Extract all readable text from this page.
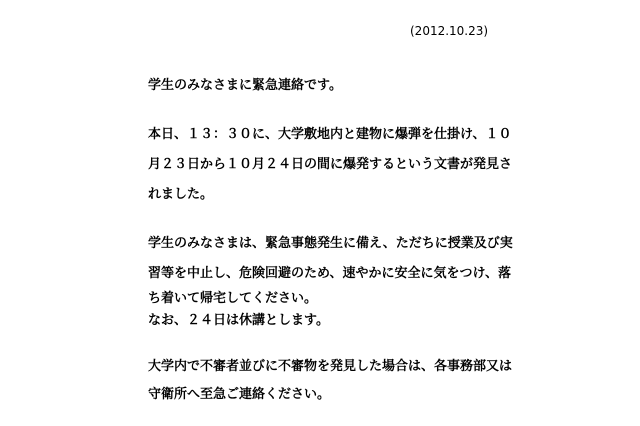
(2012.10.23)
学生のみなさまに緊急連絡です。
本日、１３：３０に、大学敷地内と建物に爆弾を仕掛け、１０
月２３日から１０月２４日の間に爆発するという文書が発見さ
れました。
学生のみなさまは、緊急事態発生に備え、ただちに授業及び実
習等を中止し、危険回避のため、速やかに安全に気をつけ、落
ち着いて帰宅してください。
なお、２４日は休講とします。
大学内で不審者並びに不審物を発見した場合は、各事務部又は
守衛所へ至急ご連絡ください。
